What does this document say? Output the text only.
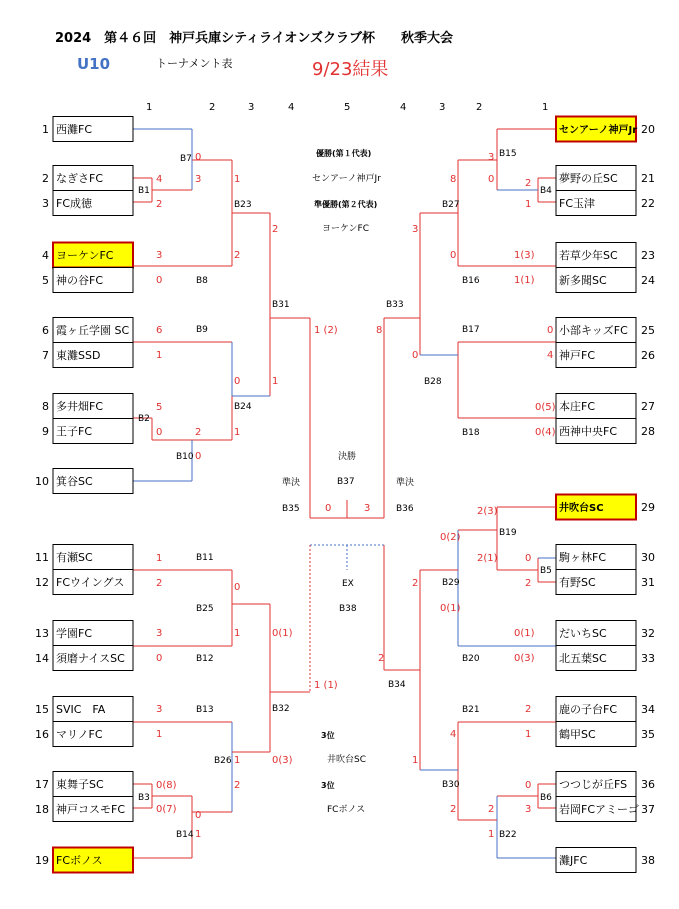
2024　第４６回　神戸兵庫シティライオンズクラブ杯　　秋季大会
U10	トーナメント表	9/23結果
1	2	3	4	5	4	3	2	1
西灘FC
1
なぎさFC
2
FC成徳
3
ヨーケンFC
4
神の谷FC
5
霞ヶ丘学園 SC
6
東灘SSD
7
多井畑FC
8
王子FC
9
箕谷SC
10
有瀬SC
11
FCウイングス
12
学園FC
13
須磨ナイスSC
14
SVIC　FA
15
マリノFC
16
東舞子SC
17
神戸コスモFC
18
FCボノス
19
センアーノ神戸Jr 20
夢野の丘SC 21
FC玉津	22
若草少年SC 23
新多聞SC	24
小部キッズFC 25
神戸FC	26
本庄FC	27
西神中央FC 28
井吹台SC	29
駒ヶ林FC	30
有野SC	31
だいちSC	32
北五葉SC	33
鹿の子台FC 34
鶴甲SC	35
つつじが丘FS 36
岩岡FCアミーゴ 37
灘JFC	38
B7
B1
B23
B8
B31
B9
B24
B2
B10
B15
B4
B27
B16
B33
B17
B28
B18
B35
B37
B36
B11
B25
B12
B38
B32
B13
B26
B3
B14
B19
B5
B29
B20
B34
B21
B30
B6
B22
0
3
4
2
1
2
3
0
2
1 (2)
6
1
0	1
5
0	1
2
0
3
0	2
1
8
0	1(3)
1(1)
3
8	0
4
0
0(5)
0(4)
0	3
1
2	0
1
3
0
0(1)
1 (1)
3
1
1
2
0(3)
0(8)
0(7)
0
1
2(3)
0(2)
2(1)	0
2
2
0(1)
0(1)
0(3)
2
2
1
4
2
1
0
3
2
1
優勝(第１代表)
センアーノ神戸Jr
準優勝(第２代表)
ヨーケンFC
決勝
準決	準決
EX
3位
井吹台SC
3位
FCボノス
